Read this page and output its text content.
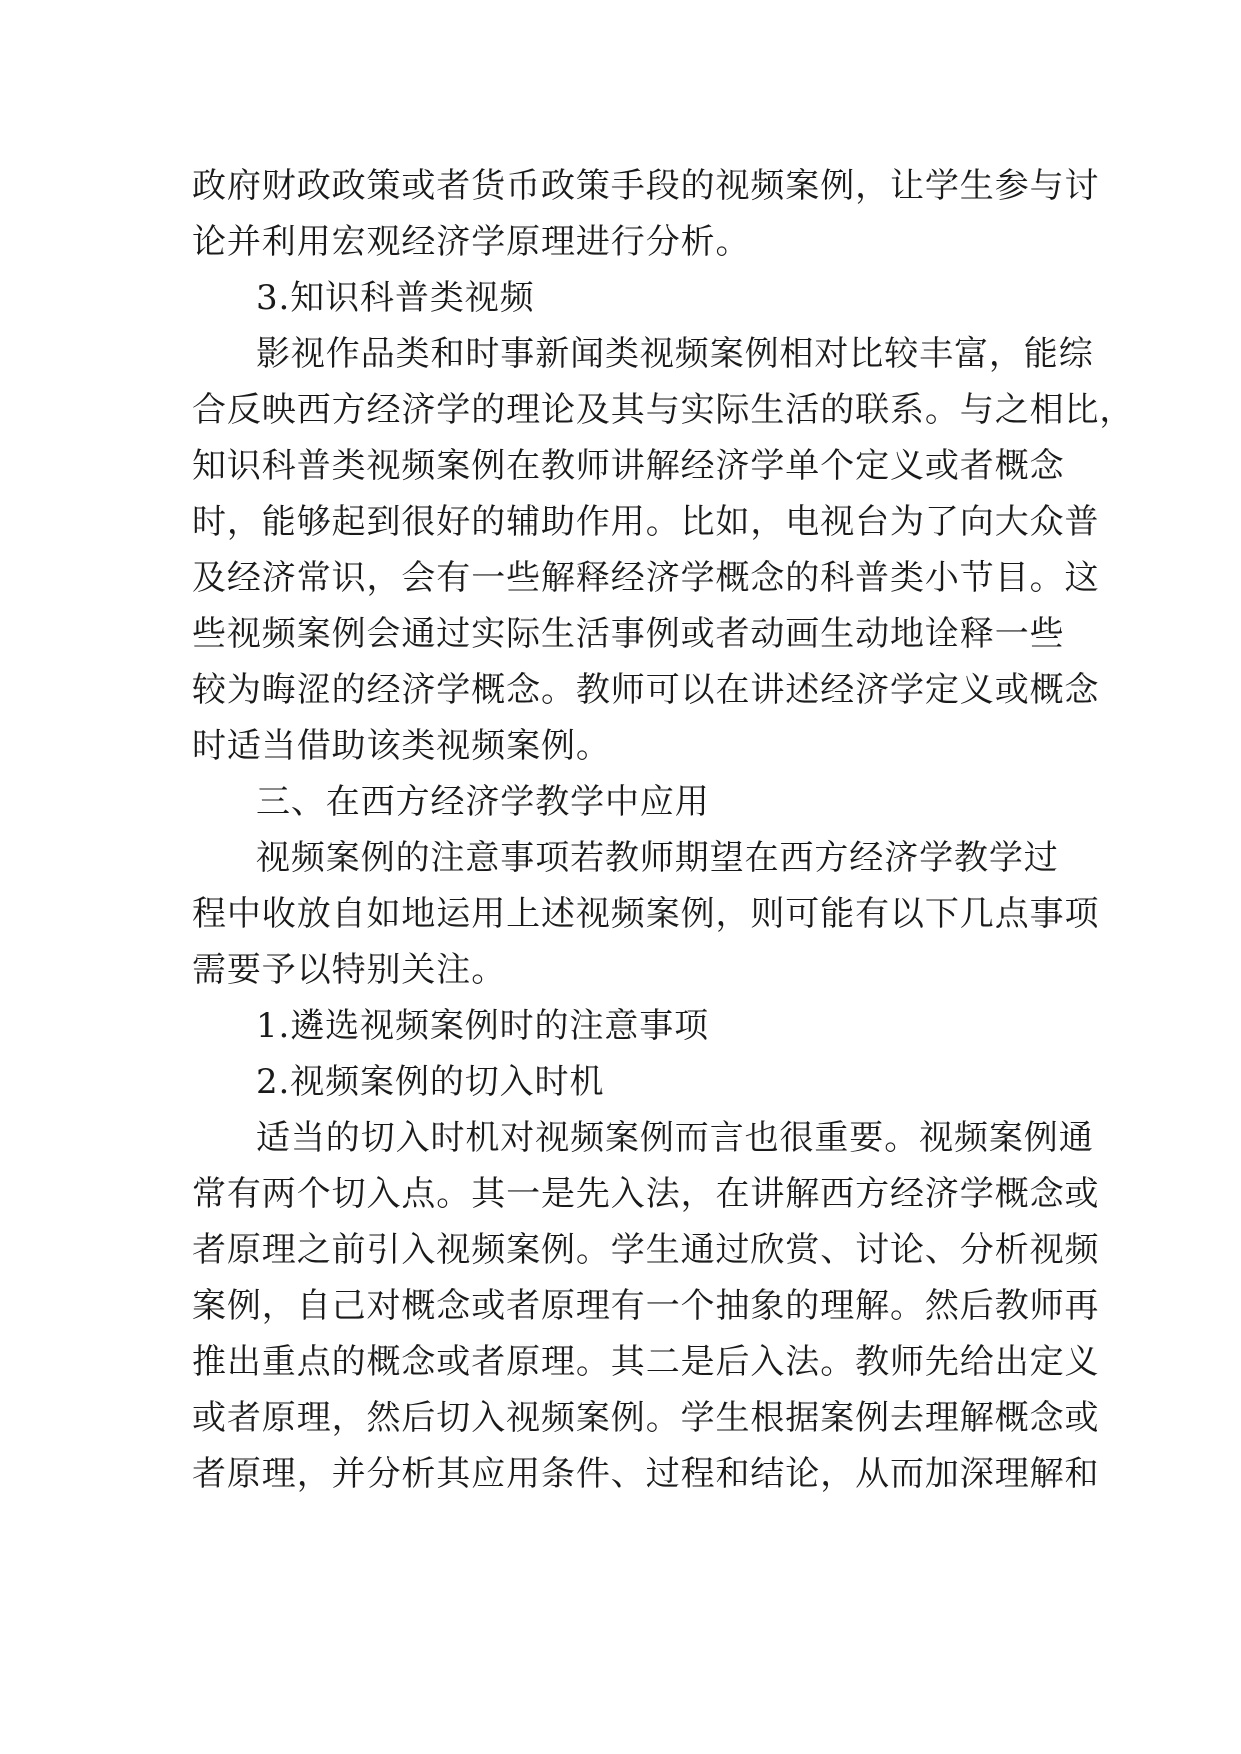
政府财政政策或者货币政策手段的视频案例，让学生参与讨
论并利用宏观经济学原理进行分析。
3.知识科普类视频
影视作品类和时事新闻类视频案例相对比较丰富，能综
合反映西方经济学的理论及其与实际生活的联系。与之相比，
知识科普类视频案例在教师讲解经济学单个定义或者概念
时，能够起到很好的辅助作用。比如，电视台为了向大众普
及经济常识，会有一些解释经济学概念的科普类小节目。这
些视频案例会通过实际生活事例或者动画生动地诠释一些
较为晦涩的经济学概念。教师可以在讲述经济学定义或概念
时适当借助该类视频案例。
三、在西方经济学教学中应用
视频案例的注意事项若教师期望在西方经济学教学过
程中收放自如地运用上述视频案例，则可能有以下几点事项
需要予以特别关注。
1.遴选视频案例时的注意事项
2.视频案例的切入时机
适当的切入时机对视频案例而言也很重要。视频案例通
常有两个切入点。其一是先入法，在讲解西方经济学概念或
者原理之前引入视频案例。学生通过欣赏、讨论、分析视频
案例，自己对概念或者原理有一个抽象的理解。然后教师再
推出重点的概念或者原理。其二是后入法。教师先给出定义
或者原理，然后切入视频案例。学生根据案例去理解概念或
者原理，并分析其应用条件、过程和结论，从而加深理解和
